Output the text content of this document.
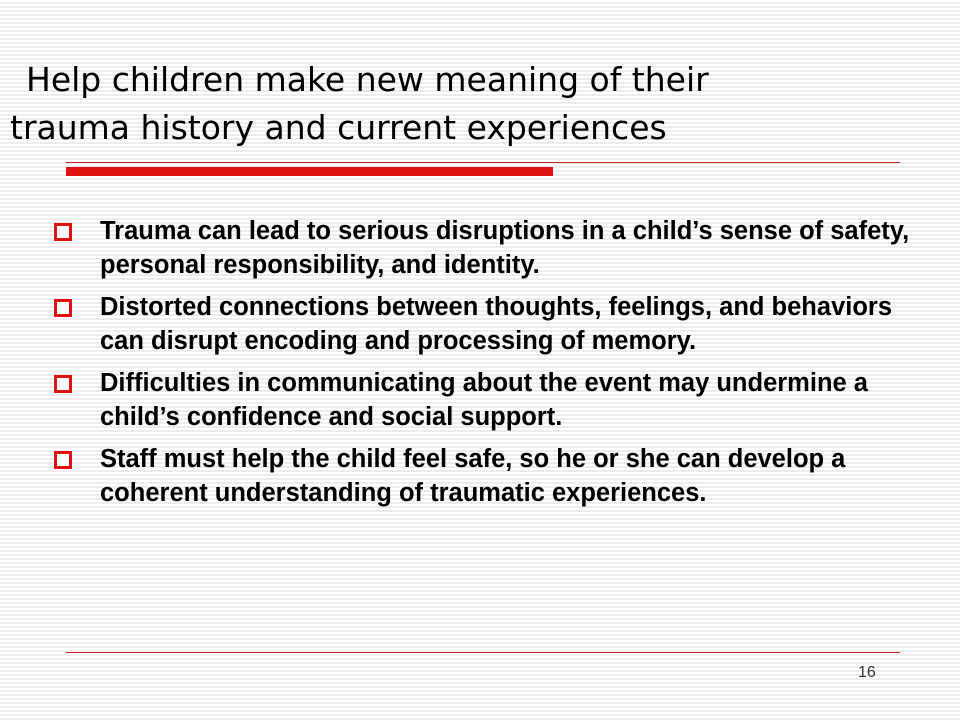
Help children make new meaning of their
trauma history and current experiences
Trauma can lead to serious disruptions in a child’s sense of safety, personal responsibility, and identity.
Distorted connections between thoughts, feelings, and behaviors can disrupt encoding and processing of memory.
Difficulties in communicating about the event may undermine a child’s confidence and social support.
Staff must help the child feel safe, so he or she can develop a coherent understanding of traumatic experiences.
16
